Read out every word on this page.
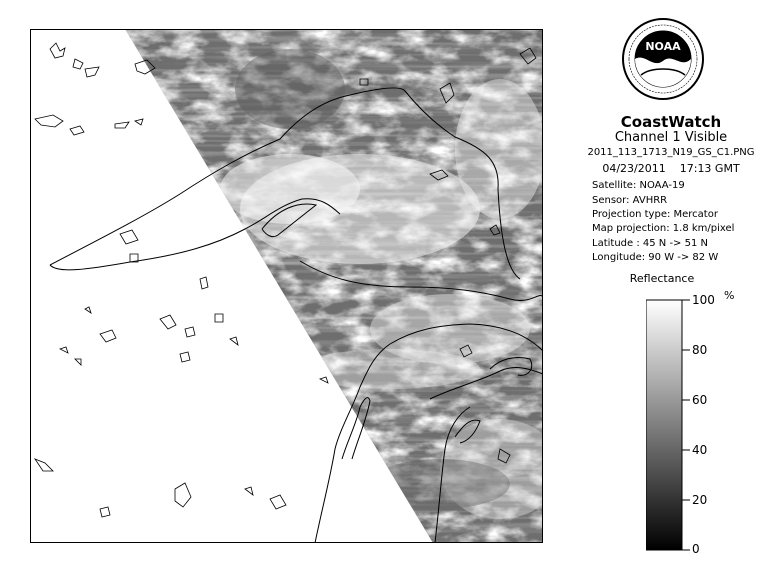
NOAA
CoastWatch
Channel 1 Visible
2011_113_1713_N19_GS_C1.PNG
04/23/2011 17:13 GMT
Satellite: NOAA-19
Sensor: AVHRR
Projection type: Mercator
Map projection: 1.8 km/pixel
Latitude : 45 N -> 51 N
Longitude: 90 W -> 82 W
Reflectance
100
80
60
40
20
0
%
